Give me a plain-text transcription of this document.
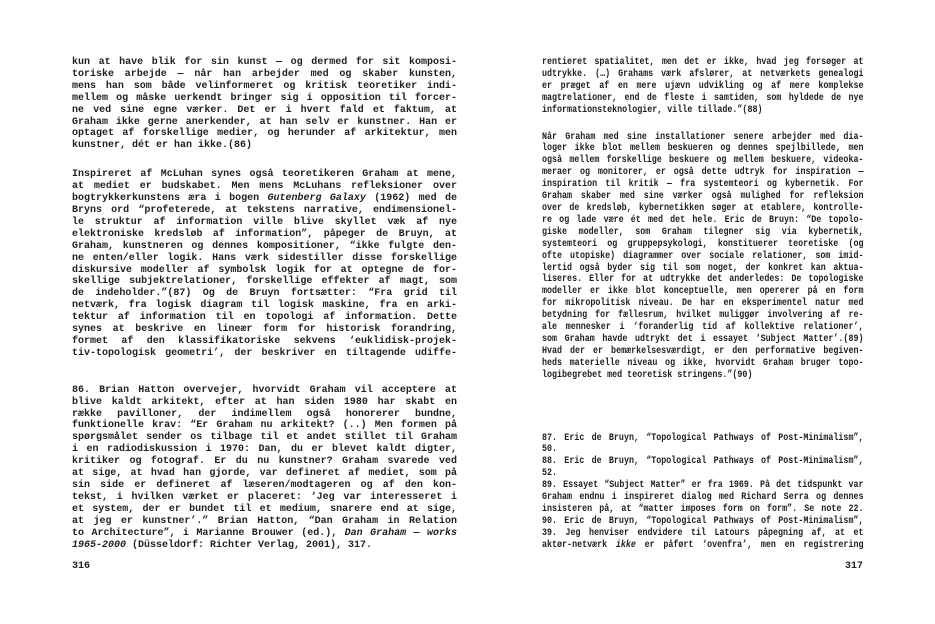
kun at have blik for sin kunst — og dermed for sit komposi-
toriske arbejde — når han arbejder med og skaber kunsten,
mens han som både velinformeret og kritisk teoretiker indi-
mellem og måske uerkendt bringer sig i opposition til forcer-
ne ved sine egne værker. Det er i hvert fald et faktum, at
Graham ikke gerne anerkender, at han selv er kunstner. Han er
optaget af forskellige medier, og herunder af arkitektur, men
kunstner, dét er han ikke.(86)
Inspireret af McLuhan synes også teoretikeren Graham at mene,
at mediet er budskabet. Men mens McLuhans refleksioner over
bogtrykkerkunstens æra i bogen Gutenberg Galaxy (1962) med de
Bryns ord “profeterede, at tekstens narrative, endimensionel-
le struktur af information ville blive skyllet væk af nye
elektroniske kredsløb af information”, påpeger de Bruyn, at
Graham, kunstneren og dennes kompositioner, “ikke fulgte den-
ne enten/eller logik. Hans værk sidestiller disse forskellige
diskursive modeller af symbolsk logik for at optegne de for-
skellige subjektrelationer, forskellige effekter af magt, som
de indeholder.”(87) Og de Bruyn fortsætter: “Fra grid til
netværk, fra logisk diagram til logisk maskine, fra en arki-
tektur af information til en topologi af information. Dette
synes at beskrive en lineær form for historisk forandring,
formet af den klassifikatoriske sekvens ‘euklidisk-projek-
tiv-topologisk geometri’, der beskriver en tiltagende udiffe-
86. Brian Hatton overvejer, hvorvidt Graham vil acceptere at
blive kaldt arkitekt, efter at han siden 1980 har skabt en
række pavilloner, der indimellem også honorerer bundne,
funktionelle krav: “Er Graham nu arkitekt? (..) Men formen på
spørgsmålet sender os tilbage til et andet stillet til Graham
i en radiodiskussion i 1970: Dan, du er blevet kaldt digter,
kritiker og fotograf. Er du nu kunstner? Graham svarede ved
at sige, at hvad han gjorde, var defineret af mediet, som på
sin side er defineret af læseren/modtageren og af den kon-
tekst, i hvilken værket er placeret: ‘Jeg var interesseret i
et system, der er bundet til et medium, snarere end at sige,
at jeg er kunstner’.” Brian Hatton, “Dan Graham in Relation
to Architecture”, i Marianne Brouwer (ed.), Dan Graham — works
1965-2000 (Düsseldorf: Richter Verlag, 2001), 317.
rentieret spatialitet, men det er ikke, hvad jeg forsøger at
udtrykke. (…) Grahams værk afslører, at netværkets genealogi
er præget af en mere ujævn udvikling og af mere komplekse
magtrelationer, end de fleste i samtiden, som hyldede de nye
informationsteknologier, ville tillade.”(88)
Når Graham med sine installationer senere arbejder med dia-
loger ikke blot mellem beskueren og dennes spejlbillede, men
også mellem forskellige beskuere og mellem beskuere, videoka-
meraer og monitorer, er også dette udtryk for inspiration —
inspiration til kritik — fra systemteori og kybernetik. For
Graham skaber med sine værker også mulighed for refleksion
over de kredsløb, kybernetikken søger at etablere, kontrolle-
re og lade være ét med det hele. Eric de Bruyn: “De topolo-
giske modeller, som Graham tilegner sig via kybernetik,
systemteori og gruppepsykologi, konstituerer teoretiske (og
ofte utopiske) diagrammer over sociale relationer, som imid-
lertid også byder sig til som noget, der konkret kan aktua-
liseres. Eller for at udtrykke det anderledes: De topologiske
modeller er ikke blot konceptuelle, men opererer på en form
for mikropolitisk niveau. De har en eksperimentel natur med
betydning for fællesrum, hvilket muliggør involvering af re-
ale mennesker i ‘foranderlig tid af kollektive relationer’,
som Graham havde udtrykt det i essayet ‘Subject Matter’.(89)
Hvad der er bemærkelsesværdigt, er den performative begiven-
heds materielle niveau og ikke, hvorvidt Graham bruger topo-
logibegrebet med teoretisk stringens.”(90)
87. Eric de Bruyn, “Topological Pathways of Post-Minimalism”,
50.
88. Eric de Bruyn, “Topological Pathways of Post-Minimalism”,
52.
89. Essayet “Subject Matter” er fra 1969. På det tidspunkt var
Graham endnu i inspireret dialog med Richard Serra og dennes
insisteren på, at “matter imposes form on form”. Se note 22.
90. Eric de Bruyn, “Topological Pathways of Post-Minimalism”,
39. Jeg henviser endvidere til Latours påpegning af, at et
aktør-netværk ikke er påført ‘ovenfra’, men en registrering
316	317
